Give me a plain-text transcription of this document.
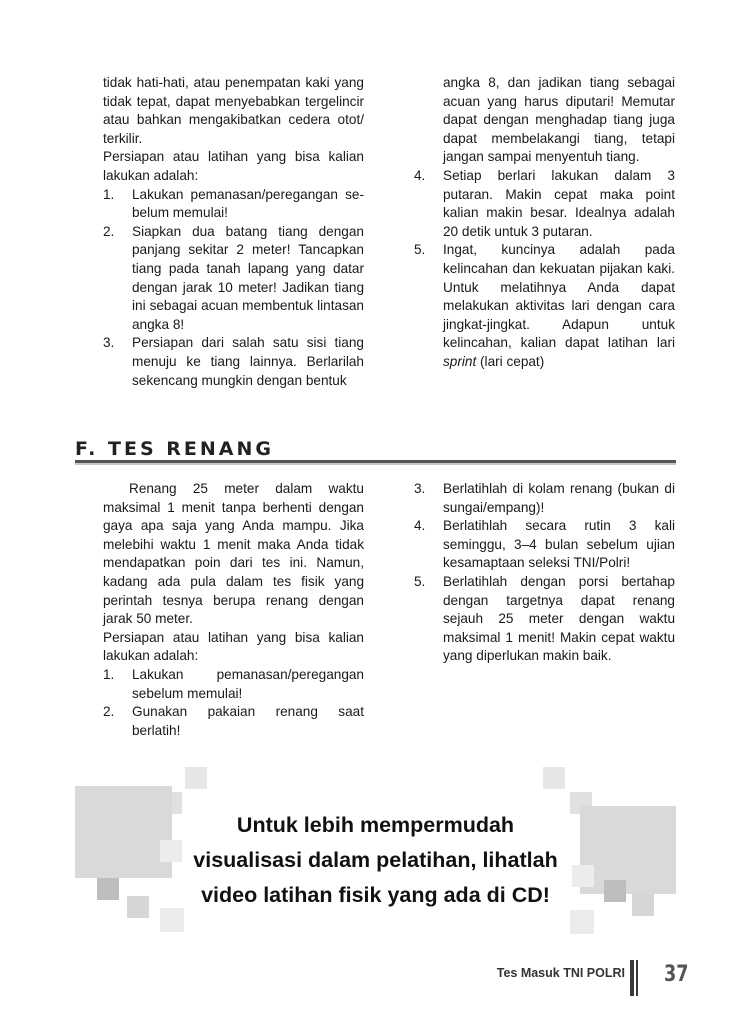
tidak hati-hati, atau penempatan kaki yang tidak tepat, dapat menyebabkan tergelincir atau bahkan mengakibatkan cedera otot/ terkilir.

Persiapan atau latihan yang bisa kalian lakukan adalah:

1. Lakukan pemanasan/peregangan sebelum memulai!
2. Siapkan dua batang tiang dengan panjang sekitar 2 meter! Tancapkan tiang pada tanah lapang yang datar dengan jarak 10 meter! Jadikan tiang ini sebagai acuan membentuk lintasan angka 8!
3. Persiapan dari salah satu sisi tiang menuju ke tiang lainnya. Berlarilah sekencang mungkin dengan bentuk

angka 8, dan jadikan tiang sebagai acuan yang harus diputari! Memutar dapat dengan menghadap tiang juga dapat membelakangi tiang, tetapi jangan sampai menyentuh tiang.

4. Setiap berlari lakukan dalam 3 putaran. Makin cepat maka point kalian makin besar. Idealnya adalah 20 detik untuk 3 putaran.
5. Ingat, kuncinya adalah pada kelincahan dan kekuatan pijakan kaki. Untuk melatihnya Anda dapat melakukan aktivitas lari dengan cara jingkat-jingkat. Adapun untuk kelincahan, kalian dapat latihan lari sprint (lari cepat)
F. TES RENANG

Renang 25 meter dalam waktu maksimal 1 menit tanpa berhenti dengan gaya apa saja yang Anda mampu. Jika melebihi waktu 1 menit maka Anda tidak mendapatkan poin dari tes ini. Namun, kadang ada pula dalam tes fisik yang perintah tesnya berupa renang dengan jarak 50 meter.

Persiapan atau latihan yang bisa kalian lakukan adalah:

1. Lakukan pemanasan/peregangan sebelum memulai!
2. Gunakan pakaian renang saat berlatih!
3. Berlatihlah di kolam renang (bukan di sungai/empang)!
4. Berlatihlah secara rutin 3 kali seminggu, 3–4 bulan sebelum ujian kesamaptaan seleksi TNI/Polri!
5. Berlatihlah dengan porsi bertahap dengan targetnya dapat renang sejauh 25 meter dengan waktu maksimal 1 menit! Makin cepat waktu yang diperlukan makin baik.
Untuk lebih mempermudah
visualisasi dalam pelatihan, lihatlah
video latihan fisik yang ada di CD!
Tes Masuk TNI POLRI 37
